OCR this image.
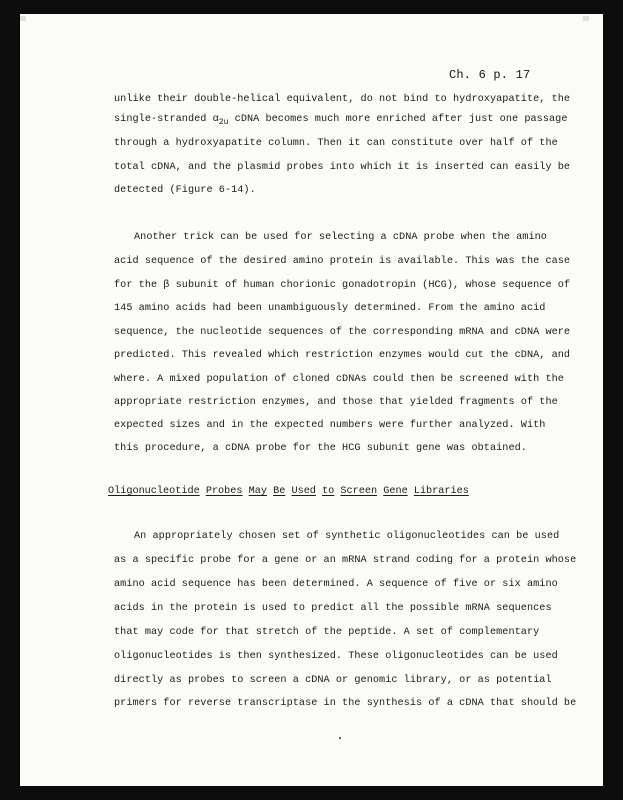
Ch. 6 p. 17
unlike their double-helical equivalent, do not bind to hydroxyapatite, the
single-stranded $\alpha_{2u}$ cDNA becomes much more enriched after just one passage
through a hydroxyapatite column. Then it can constitute over half of the
total cDNA, and the plasmid probes into which it is inserted can easily be
detected (Figure 6-14).
Another trick can be used for selecting a cDNA probe when the amino
acid sequence of the desired amino protein is available. This was the case
for the β subunit of human chorionic gonadotropin (HCG), whose sequence of
145 amino acids had been unambiguously determined. From the amino acid
sequence, the nucleotide sequences of the corresponding mRNA and cDNA were
predicted. This revealed which restriction enzymes would cut the cDNA, and
where. A mixed population of cloned cDNAs could then be screened with the
appropriate restriction enzymes, and those that yielded fragments of the
expected sizes and in the expected numbers were further analyzed. With
this procedure, a cDNA probe for the HCG subunit gene was obtained.
Oligonucleotide Probes May Be Used to Screen Gene Libraries
An appropriately chosen set of synthetic oligonucleotides can be used
as a specific probe for a gene or an mRNA strand coding for a protein whose
amino acid sequence has been determined. A sequence of five or six amino
acids in the protein is used to predict all the possible mRNA sequences
that may code for that stretch of the peptide. A set of complementary
oligonucleotides is then synthesized. These oligonucleotides can be used
directly as probes to screen a cDNA or genomic library, or as potential
primers for reverse transcriptase in the synthesis of a cDNA that should be
